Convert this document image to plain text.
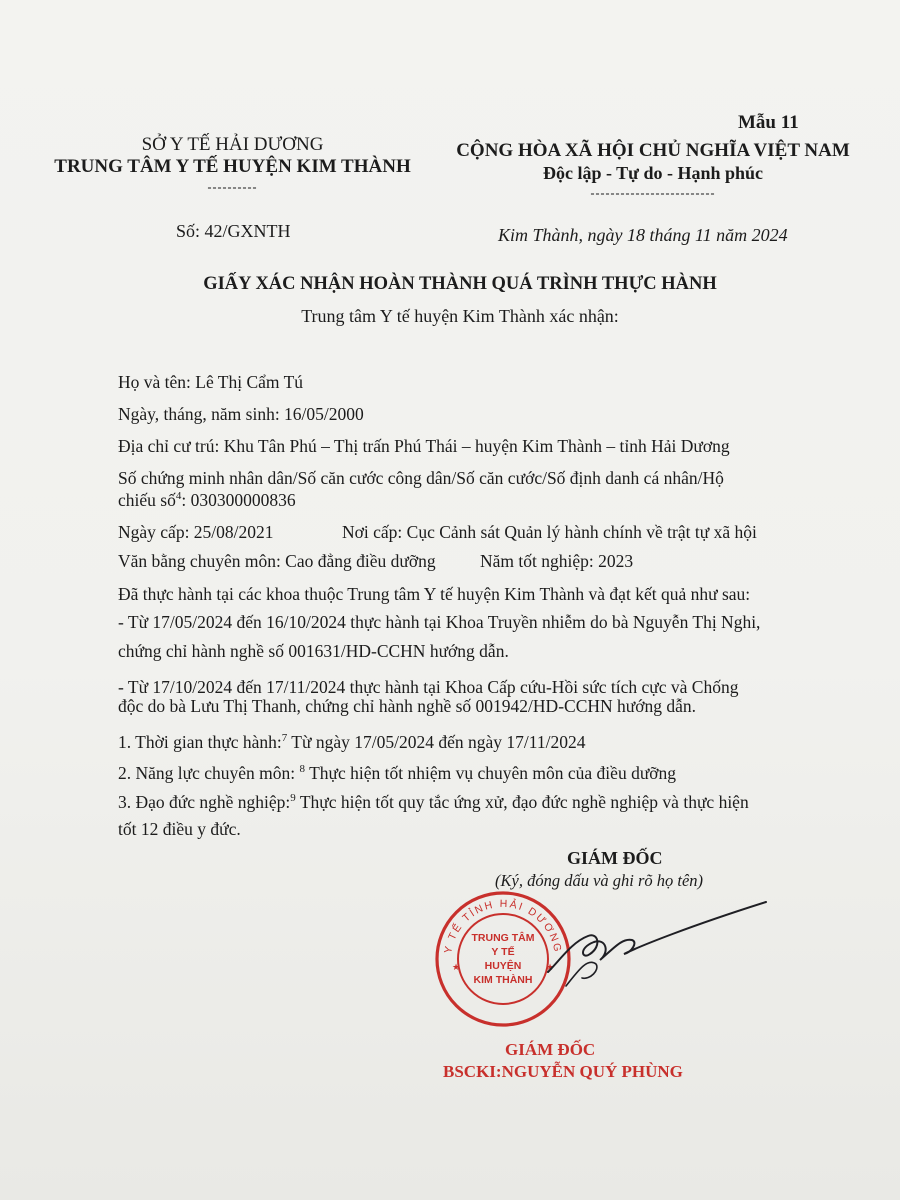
Mẫu 11
SỞ Y TẾ HẢI DƯƠNG
TRUNG TÂM Y TẾ HUYỆN KIM THÀNH
----------
Số: 42/GXNTH
CỘNG HÒA XÃ HỘI CHỦ NGHĨA VIỆT NAM
Độc lập - Tự do - Hạnh phúc
-------------------------
Kim Thành, ngày 18 tháng 11 năm 2024
GIẤY XÁC NHẬN HOÀN THÀNH QUÁ TRÌNH THỰC HÀNH
Trung tâm Y tế huyện Kim Thành xác nhận:
Họ và tên: Lê Thị Cẩm Tú
Ngày, tháng, năm sinh: 16/05/2000
Địa chỉ cư trú: Khu Tân Phú – Thị trấn Phú Thái – huyện Kim Thành – tỉnh Hải Dương
Số chứng minh nhân dân/Số căn cước công dân/Số căn cước/Số định danh cá nhân/Hộ
chiếu số$^4$: 030300000836
Ngày cấp: 25/08/2021	Nơi cấp: Cục Cảnh sát Quản lý hành chính về trật tự xã hội
Văn bằng chuyên môn: Cao đẳng điều dưỡng	Năm tốt nghiệp: 2023
Đã thực hành tại các khoa thuộc Trung tâm Y tế huyện Kim Thành và đạt kết quả như sau:
- Từ 17/05/2024 đến 16/10/2024 thực hành tại Khoa Truyền nhiễm do bà Nguyễn Thị Nghi,
chứng chỉ hành nghề số 001631/HD-CCHN hướng dẫn.
- Từ 17/10/2024 đến 17/11/2024 thực hành tại Khoa Cấp cứu-Hồi sức tích cực và Chống
độc do bà Lưu Thị Thanh, chứng chỉ hành nghề số 001942/HD-CCHN hướng dẫn.
1. Thời gian thực hành:$^7$ Từ ngày 17/05/2024 đến ngày 17/11/2024
2. Năng lực chuyên môn: $^8$ Thực hiện tốt nhiệm vụ chuyên môn của điều dưỡng
3. Đạo đức nghề nghiệp:$^9$ Thực hiện tốt quy tắc ứng xử, đạo đức nghề nghiệp và thực hiện
tốt 12 điều y đức.
GIÁM ĐỐC
(Ký, đóng dấu và ghi rõ họ tên)
Y TẾ TỈNH HẢI DƯƠNG
TRUNG TÂM
Y TẾ
HUYỆN
KIM THÀNH
★	★
GIÁM ĐỐC
BSCKI:NGUYỄN QUÝ PHÙNG
